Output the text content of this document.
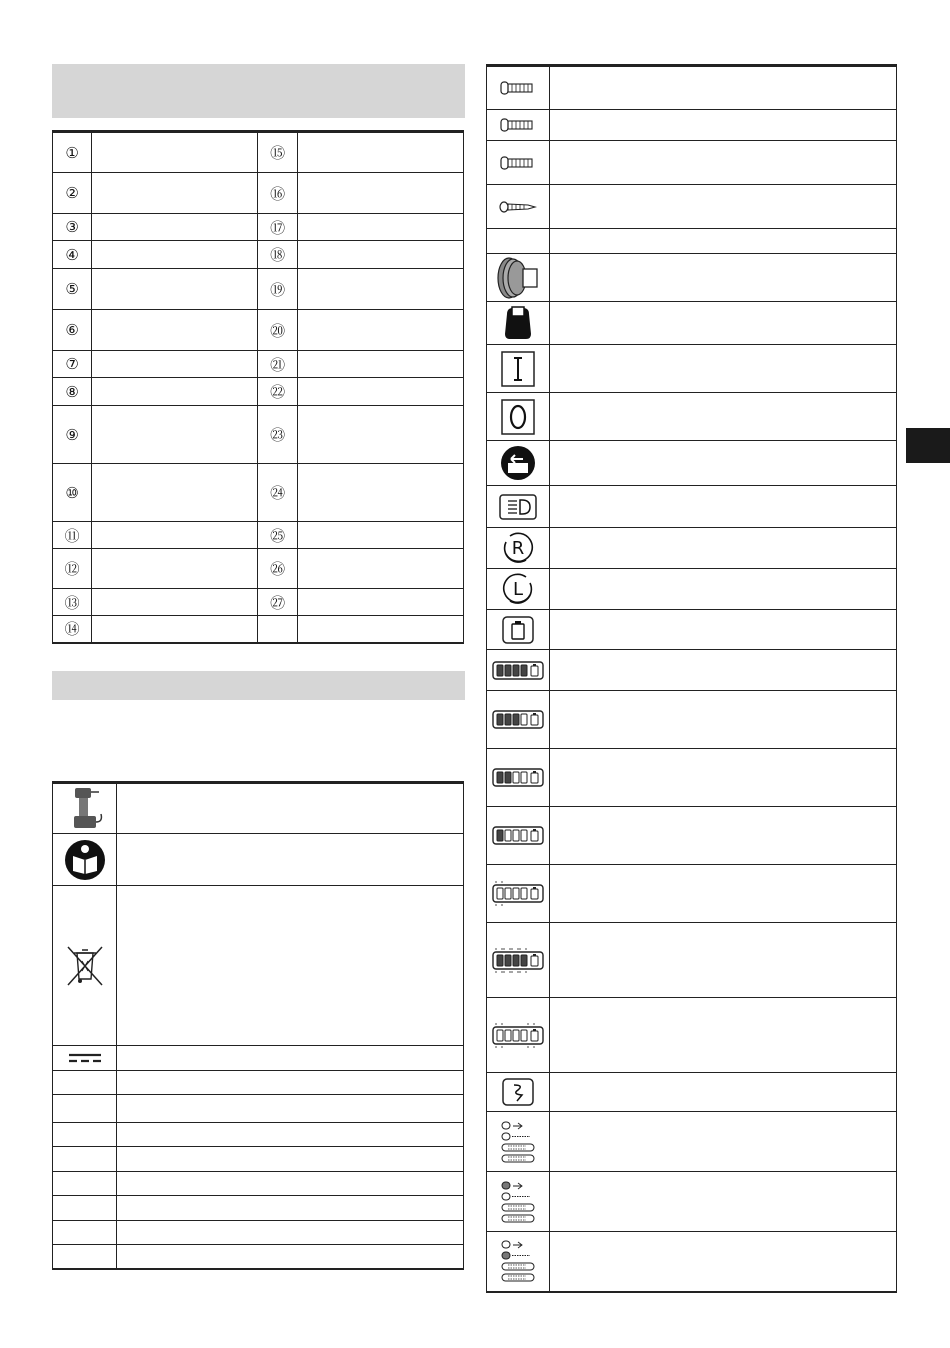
①		⑮	
②		⑯	
③		⑰	
④		⑱	
⑤		⑲	
⑥		⑳	
⑦		㉑	
⑧		㉒	
⑨		㉓	
⑩		㉔	
⑪		㉕	
⑫		㉖	
⑬		㉗	
⑭			

R	

L	
